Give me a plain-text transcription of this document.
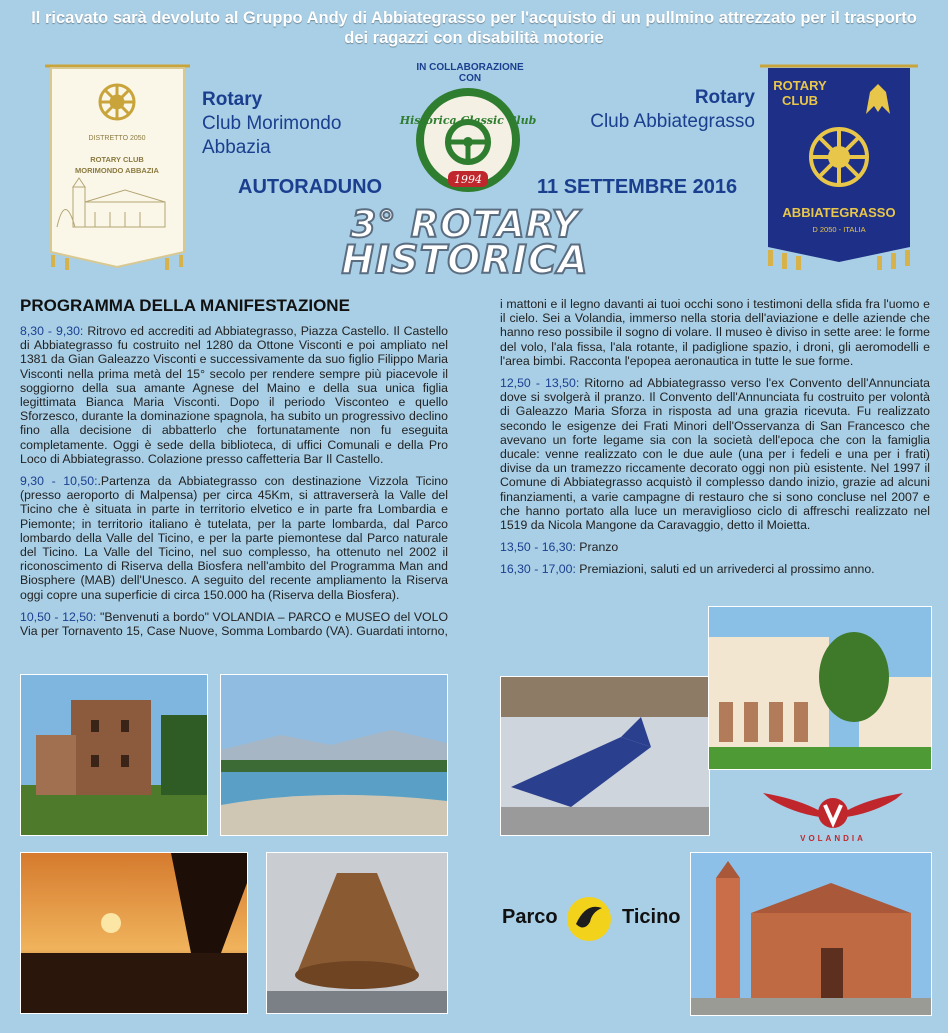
Il ricavato sarà devoluto al Gruppo Andy di Abbiategrasso per l'acquisto di un pullmino attrezzato per il trasporto
dei ragazzi con disabilità motorie
DISTRETTO 2050
ROTARY CLUB
MORIMONDO ABBAZIA
ROTARY
CLUB
ABBIATEGRASSO
D 2050 - ITALIA
Rotary
Club Morimondo
Abbazia
Rotary
Club Abbiategrasso
IN COLLABORAZIONE
CON
Historica Classic Club
1994
AUTORADUNO	11 SETTEMBRE 2016
3° ROTARY
HISTORICA
PROGRAMMA DELLA MANIFESTAZIONE

8,30 - 9,30: Ritrovo ed accrediti ad Abbiategrasso, Piazza Castello. Il Castello di Abbiategrasso fu costruito nel 1280 da Ottone Visconti e poi ampliato nel 1381 da Gian Galeazzo Visconti e successivamente da suo figlio Filippo Maria Visconti nella prima metà del 15° secolo per rendere sempre più piacevole il soggiorno della sua amante Agnese del Maino e della sua unica figlia legittimata Bianca Maria Visconti. Dopo il periodo Visconteo e quello Sforzesco, durante la dominazione spagnola, ha subito un progressivo declino fino alla decisione di abbatterlo che fortunatamente non fu eseguita completamente. Oggi è sede della biblioteca, di uffici Comunali e della Pro Loco di Abbiategrasso. Colazione presso caffetteria Bar Il Castello.

9,30 - 10,50:.Partenza da Abbiategrasso con destinazione Vizzola Ticino (presso aeroporto di Malpensa) per circa 45Km, si attraverserà la Valle del Ticino che è situata in parte in territorio elvetico e in parte fra Lombardia e Piemonte; in territorio italiano è tutelata, per la parte lombarda, dal Parco lombardo della Valle del Ticino, e per la parte piemontese dal Parco naturale del Ticino. La Valle del Ticino, nel suo complesso, ha ottenuto nel 2002 il riconoscimento di Riserva della Biosfera nell'ambito del Programma Man and Biosphere (MAB) dell'Unesco. A seguito del recente ampliamento la Riserva oggi copre una superficie di circa 150.000 ha (Riserva della Biosfera).

10,50 - 12,50: "Benvenuti a bordo" VOLANDIA – PARCO e MUSEO del VOLO Via per Tornavento 15, Case Nuove, Somma Lombardo (VA). Guardati intorno,

i mattoni e il legno davanti ai tuoi occhi sono i testimoni della sfida fra l'uomo e il cielo. Sei a Volandia, immerso nella storia dell'aviazione e delle aziende che hanno reso possibile il sogno di volare. Il museo è diviso in sette aree: le forme del volo, l'ala fissa, l'ala rotante, il padiglione spazio, i droni, gli aeromodelli e l'area bimbi. Racconta l'epopea aeronautica in tutte le sue forme.

12,50 - 13,50: Ritorno ad Abbiategrasso verso l'ex Convento dell'Annunciata dove si svolgerà il pranzo. Il Convento dell'Annunciata fu costruito per volontà di Galeazzo Maria Sforza in risposta ad una grazia ricevuta. Fu realizzato secondo le esigenze dei Frati Minori dell'Osservanza di San Francesco che avevano un forte legame sia con la società dell'epoca che con la famiglia ducale: venne realizzato con le due aule (una per i fedeli e una per i frati) divise da un tramezzo riccamente decorato oggi non più esistente. Nel 1997 il Comune di Abbiategrasso acquistò il complesso dando inizio, grazie ad alcuni finanziamenti, a varie campagne di restauro che si sono concluse nel 2007 e che hanno portato alla luce un meraviglioso ciclo di affreschi realizzato nel 1519 da Nicola Mangone da Caravaggio, detto il Moietta.

13,50 - 16,30: Pranzo

16,30 - 17,00: Premiazioni, saluti ed un arrivederci al prossimo anno.

VOLANDIA
Parco	Ticino
